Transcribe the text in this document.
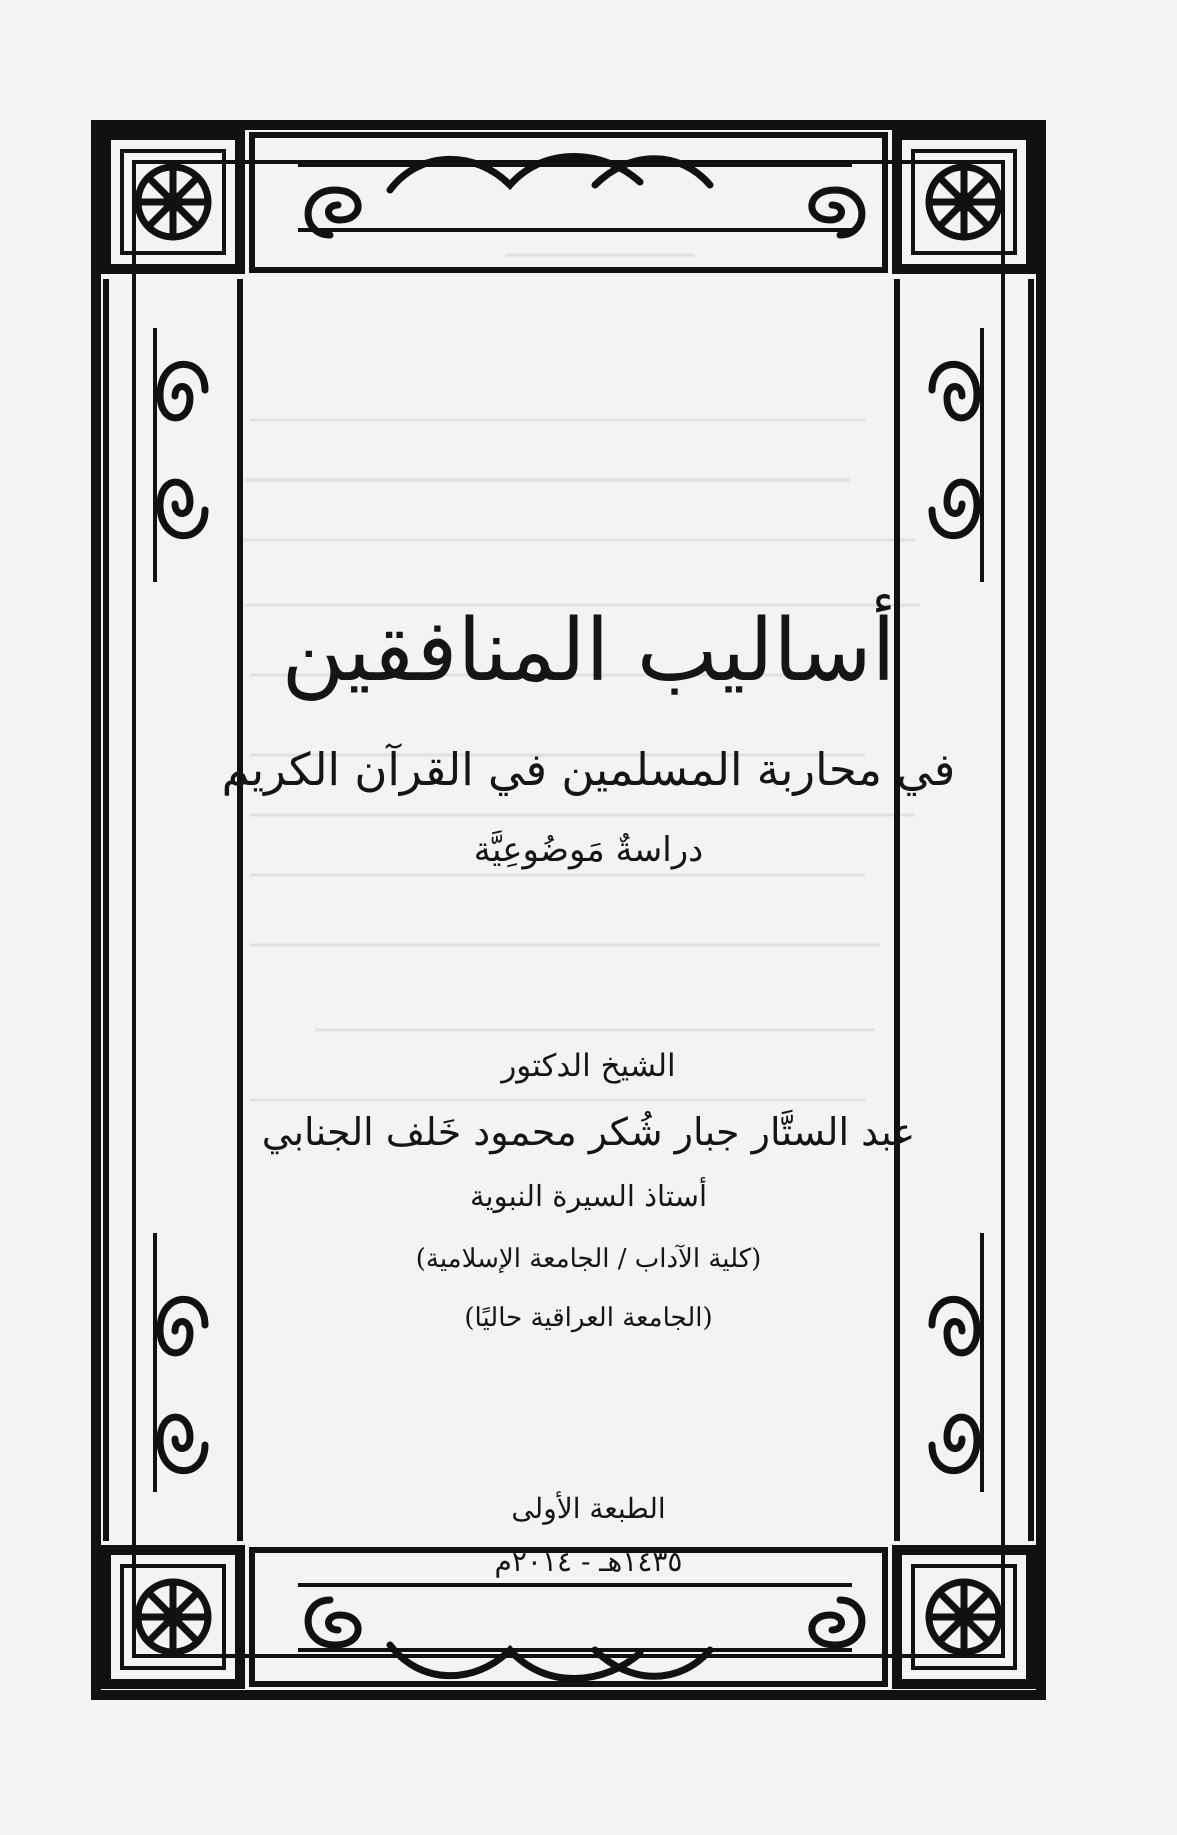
أساليب المنافقين
في محاربة المسلمين في القرآن الكريم
دراسةٌ مَوضُوعِيَّة
الشيخ الدكتور
عبد الستَّار جبار شُكر محمود خَلف الجنابي
أستاذ السيرة النبوية
(كلية الآداب / الجامعة الإسلامية)
(الجامعة العراقية حاليًا)
الطبعة الأولى
١٤٣٥هـ - ٢٠١٤م
